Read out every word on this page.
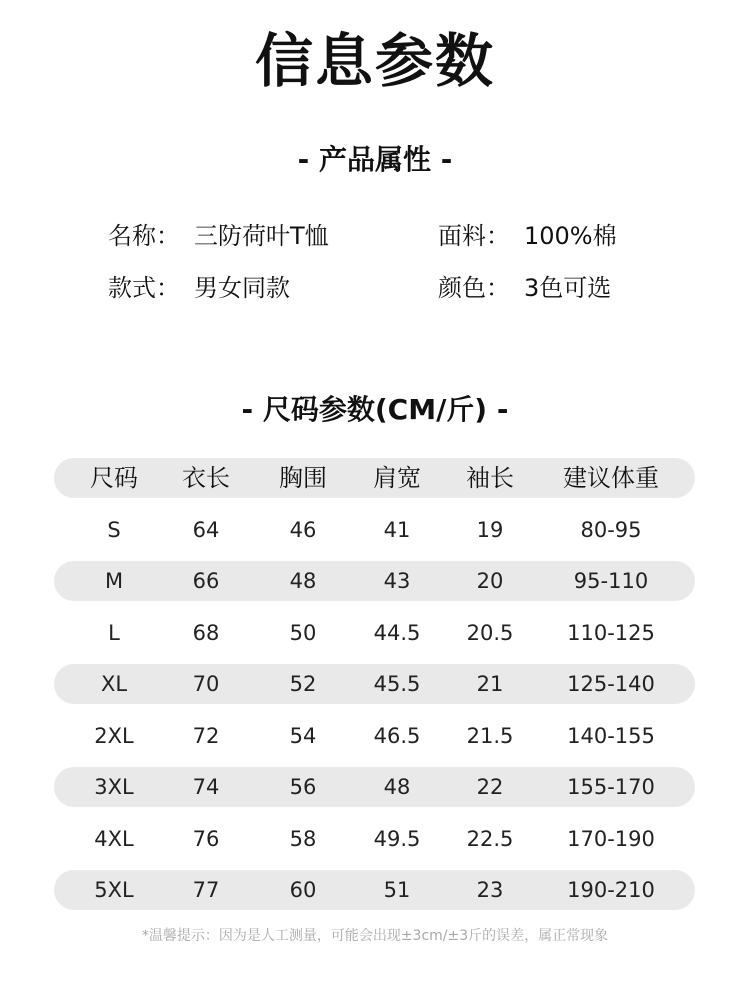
信息参数
- 产品属性 -
名称： 三防荷叶T恤	面料： 100%棉
款式： 男女同款	颜色： 3色可选
- 尺码参数(CM/斤) -
尺码	衣长	胸围	肩宽	袖长	建议体重
S	64	46	41	19	80-95
M	66	48	43	20	95-110
L	68	50	44.5	20.5	110-125
XL	70	52	45.5	21	125-140
2XL	72	54	46.5	21.5	140-155
3XL	74	56	48	22	155-170
4XL	76	58	49.5	22.5	170-190
5XL	77	60	51	23	190-210
*温馨提示：因为是人工测量，可能会出现±3cm/±3斤的误差，属正常现象
